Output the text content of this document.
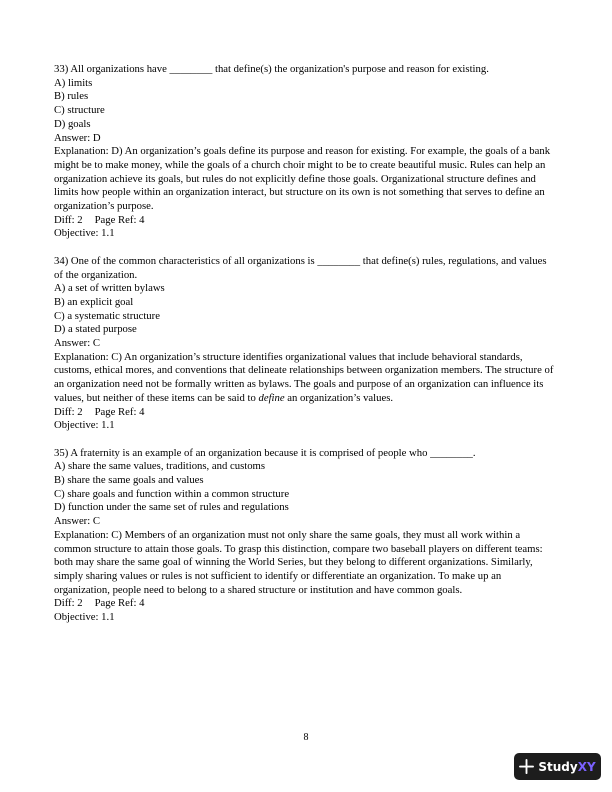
33) All organizations have ________ that define(s) the organization's purpose and reason for existing.
A) limits
B) rules
C) structure
D) goals
Answer: D
Explanation: D) An organization’s goals define its purpose and reason for existing. For example, the goals of a bank might be to make money, while the goals of a church choir might to be to create beautiful music. Rules can help an organization achieve its goals, but rules do not explicitly define those goals. Organizational structure defines and limits how people within an organization interact, but structure on its own is not something that serves to define an organization’s purpose.
Diff: 2 Page Ref: 4
Objective: 1.1
34) One of the common characteristics of all organizations is ________ that define(s) rules, regulations, and values of the organization.
A) a set of written bylaws
B) an explicit goal
C) a systematic structure
D) a stated purpose
Answer: C
Explanation: C) An organization’s structure identifies organizational values that include behavioral standards, customs, ethical mores, and conventions that delineate relationships between organization members. The structure of an organization need not be formally written as bylaws. The goals and purpose of an organization can influence its values, but neither of these items can be said to define an organization’s values.
Diff: 2 Page Ref: 4
Objective: 1.1
35) A fraternity is an example of an organization because it is comprised of people who ________.
A) share the same values, traditions, and customs
B) share the same goals and values
C) share goals and function within a common structure
D) function under the same set of rules and regulations
Answer: C
Explanation: C) Members of an organization must not only share the same goals, they must all work within a common structure to attain those goals. To grasp this distinction, compare two baseball players on different teams: both may share the same goal of winning the World Series, but they belong to different organizations. Similarly, simply sharing values or rules is not sufficient to identify or differentiate an organization. To make up an organization, people need to belong to a shared structure or institution and have common goals.
Diff: 2 Page Ref: 4
Objective: 1.1
8
Study XY
